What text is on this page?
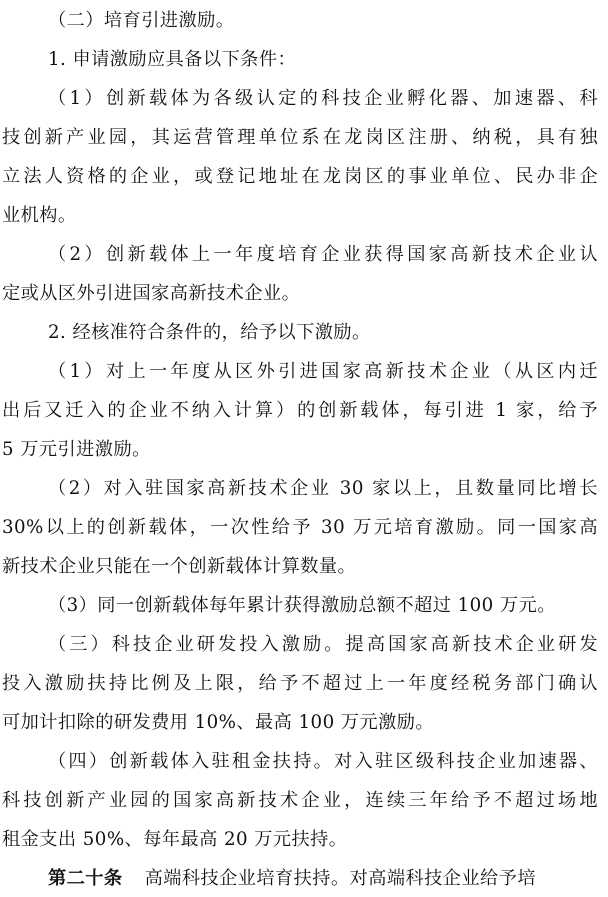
（二）培育引进激励。
1. 申请激励应具备以下条件：
（1）创新载体为各级认定的科技企业孵化器、加速器、科
技创新产业园，其运营管理单位系在龙岗区注册、纳税，具有独
立法人资格的企业，或登记地址在龙岗区的事业单位、民办非企
业机构。
（2）创新载体上一年度培育企业获得国家高新技术企业认
定或从区外引进国家高新技术企业。
2. 经核准符合条件的，给予以下激励。
（1）对上一年度从区外引进国家高新技术企业（从区内迁
出后又迁入的企业不纳入计算）的创新载体，每引进 1 家，给予
5 万元引进激励。
（2）对入驻国家高新技术企业 30 家以上，且数量同比增长
30%以上的创新载体，一次性给予 30 万元培育激励。同一国家高
新技术企业只能在一个创新载体计算数量。
（3）同一创新载体每年累计获得激励总额不超过 100 万元。
（三）科技企业研发投入激励。提高国家高新技术企业研发
投入激励扶持比例及上限，给予不超过上一年度经税务部门确认
可加计扣除的研发费用 10%、最高 100 万元激励。
（四）创新载体入驻租金扶持。对入驻区级科技企业加速器、
科技创新产业园的国家高新技术企业，连续三年给予不超过场地
租金支出 50%、每年最高 20 万元扶持。
第二十条 高端科技企业培育扶持。对高端科技企业给予培
